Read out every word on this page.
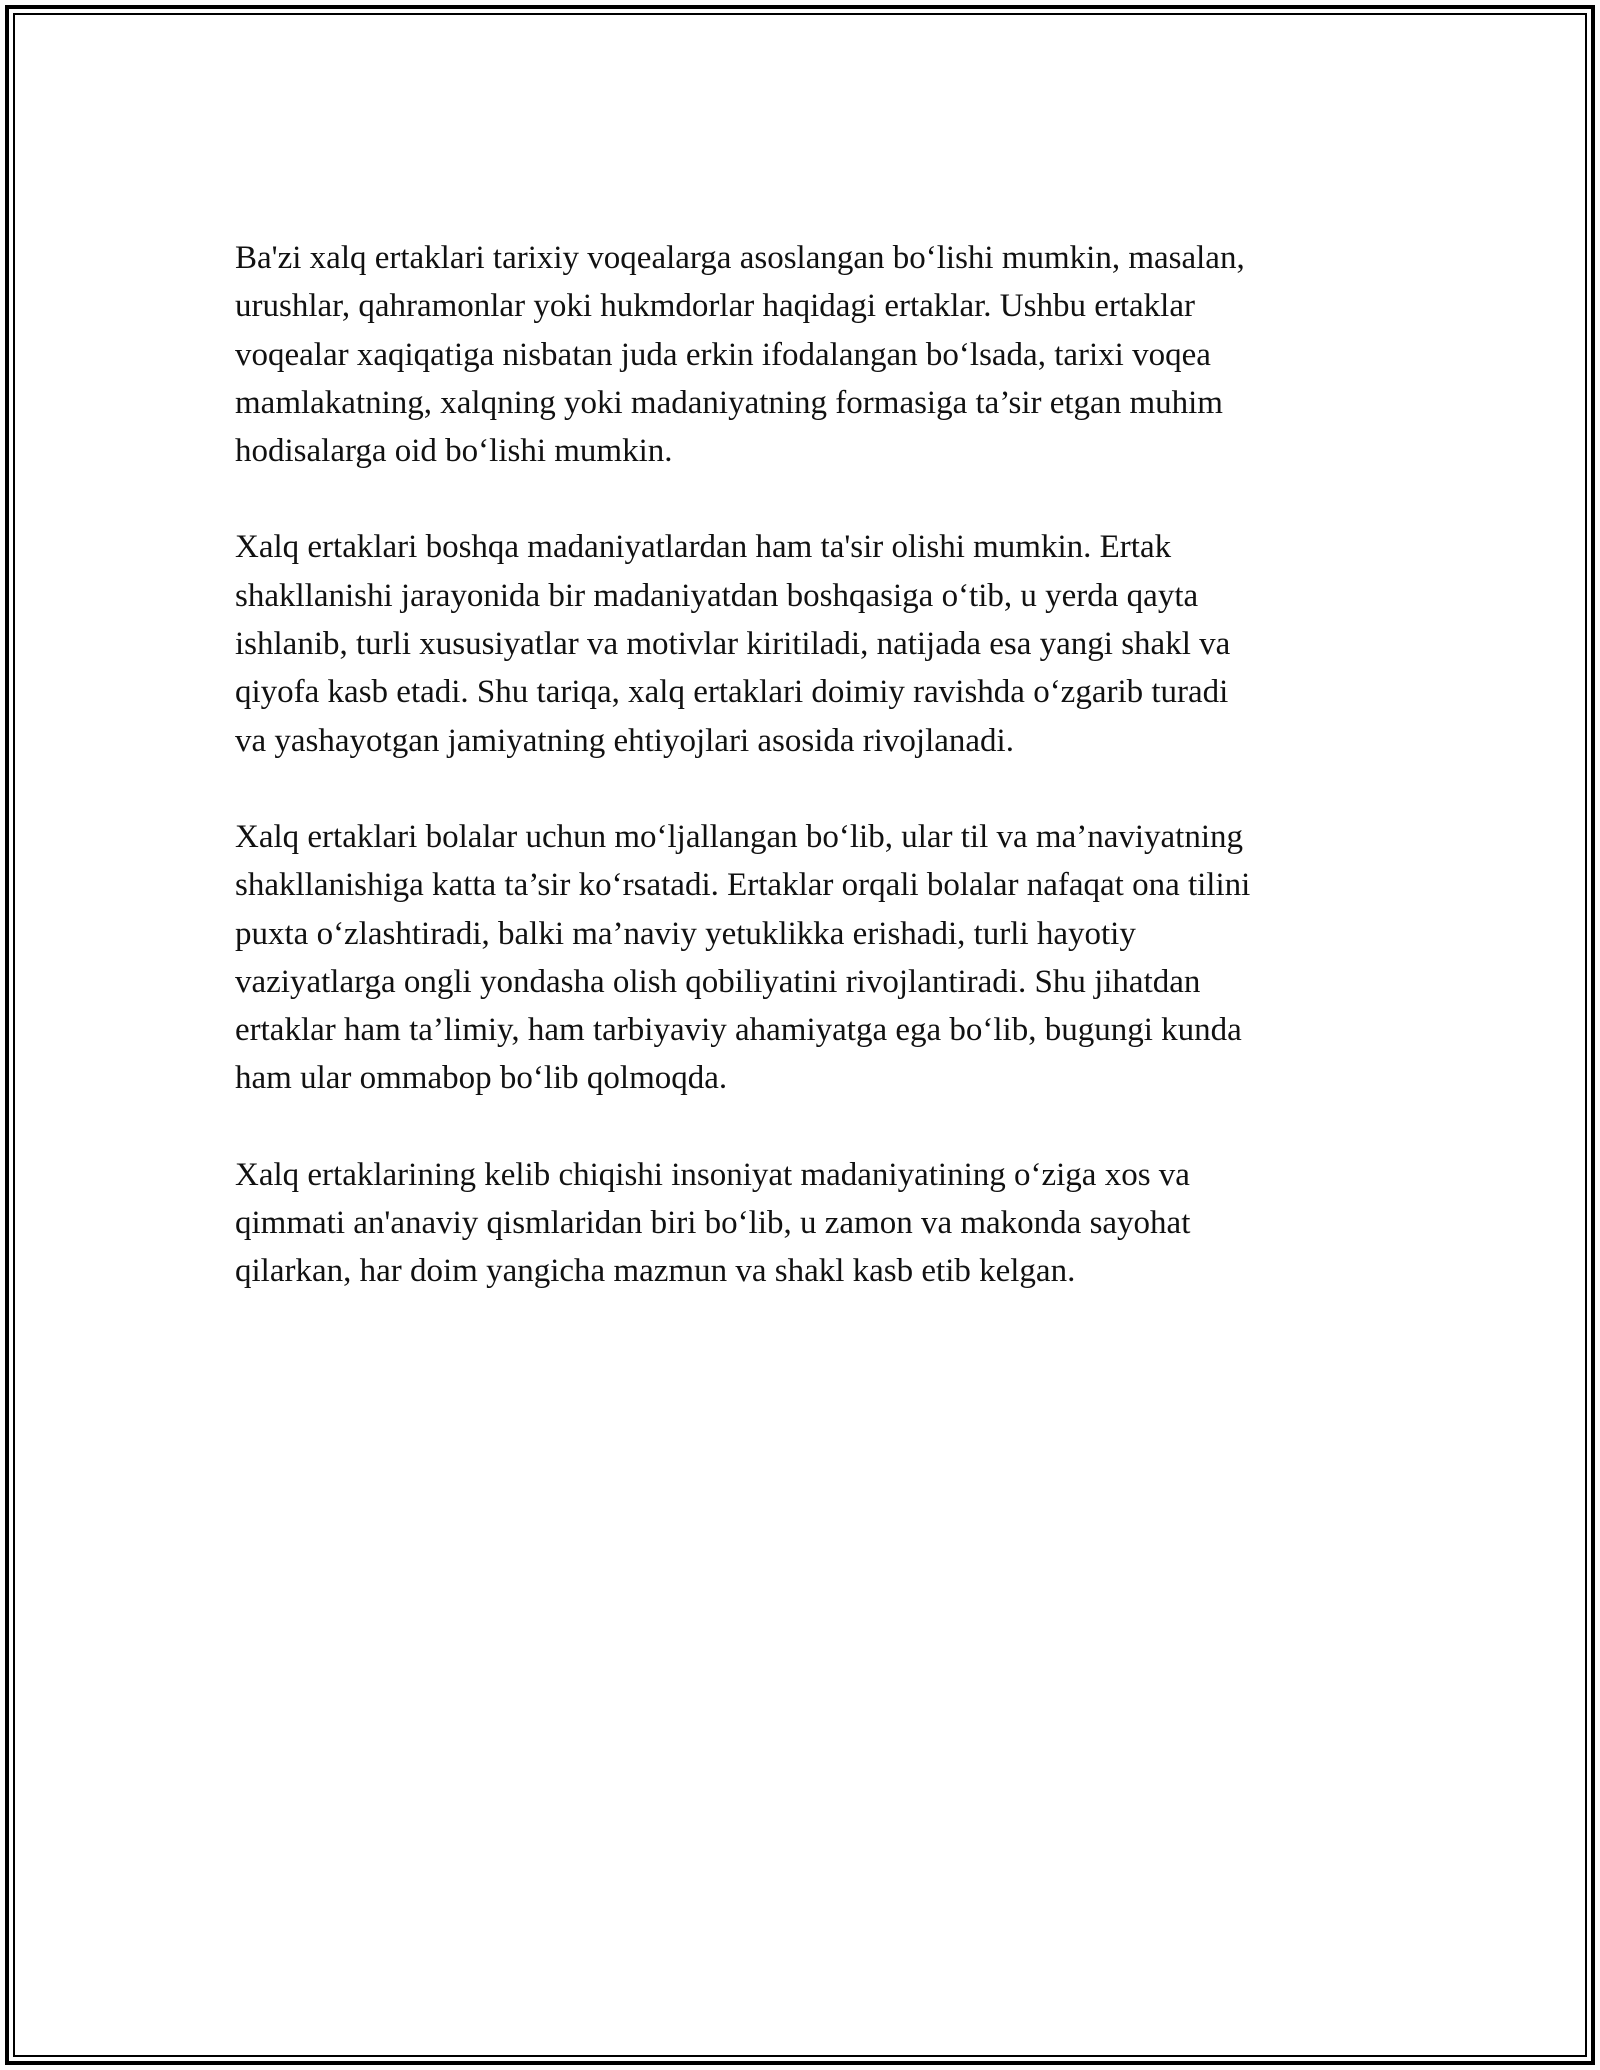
Ba'zi xalq ertaklari tarixiy voqealarga asoslangan bo‘lishi mumkin, masalan,
urushlar, qahramonlar yoki hukmdorlar haqidagi ertaklar. Ushbu ertaklar
voqealar xaqiqatiga nisbatan juda erkin ifodalangan bo‘lsada, tarixi voqea
mamlakatning, xalqning yoki madaniyatning formasiga ta’sir etgan muhim
hodisalarga oid bo‘lishi mumkin.

Xalq ertaklari boshqa madaniyatlardan ham ta'sir olishi mumkin. Ertak
shakllanishi jarayonida bir madaniyatdan boshqasiga o‘tib, u yerda qayta
ishlanib, turli xususiyatlar va motivlar kiritiladi, natijada esa yangi shakl va
qiyofa kasb etadi. Shu tariqa, xalq ertaklari doimiy ravishda o‘zgarib turadi
va yashayotgan jamiyatning ehtiyojlari asosida rivojlanadi.

Xalq ertaklari bolalar uchun mo‘ljallangan bo‘lib, ular til va ma’naviyatning
shakllanishiga katta ta’sir ko‘rsatadi. Ertaklar orqali bolalar nafaqat ona tilini
puxta o‘zlashtiradi, balki ma’naviy yetuklikka erishadi, turli hayotiy
vaziyatlarga ongli yondasha olish qobiliyatini rivojlantiradi. Shu jihatdan
ertaklar ham ta’limiy, ham tarbiyaviy ahamiyatga ega bo‘lib, bugungi kunda
ham ular ommabop bo‘lib qolmoqda.

Xalq ertaklarining kelib chiqishi insoniyat madaniyatining o‘ziga xos va
qimmati an'anaviy qismlaridan biri bo‘lib, u zamon va makonda sayohat
qilarkan, har doim yangicha mazmun va shakl kasb etib kelgan.
